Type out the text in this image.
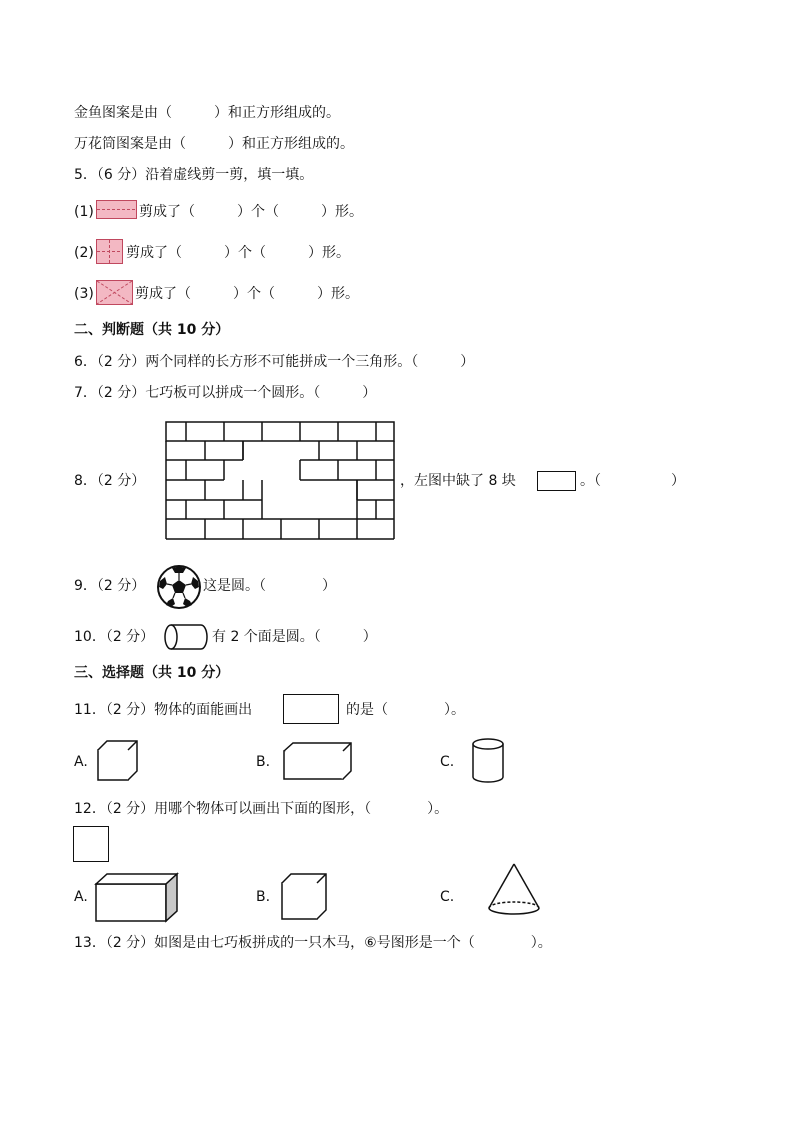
金鱼图案是由（　　　）和正方形组成的。
万花筒图案是由（　　　）和正方形组成的。
5．（6 分）沿着虚线剪一剪，填一填。
(1)	剪成了（　　　）个（　　　）形。
(2) 剪成了（　　　）个（　　　）形。
(3)	剪成了（　　　）个（　　　）形。
二、判断题（共 10 分）
6．（2 分）两个同样的长方形不可能拼成一个三角形。（　　　）
7．（2 分）七巧板可以拼成一个圆形。（　　　）
8．（2 分）	，左图中缺了 8 块	。（　　　　　）
9．（2 分）	这是圆。（　　　　）
10．（2 分）	有 2 个面是圆。（　　　）
三、选择题（共 10 分）
11．（2 分）物体的面能画出	的是（　　　　）。
A.	B.	C.
12．（2 分）用哪个物体可以画出下面的图形，（　　　　）。
A.	B.	C.
13．（2 分）如图是由七巧板拼成的一只木马，⑥号图形是一个（　　　　）。
